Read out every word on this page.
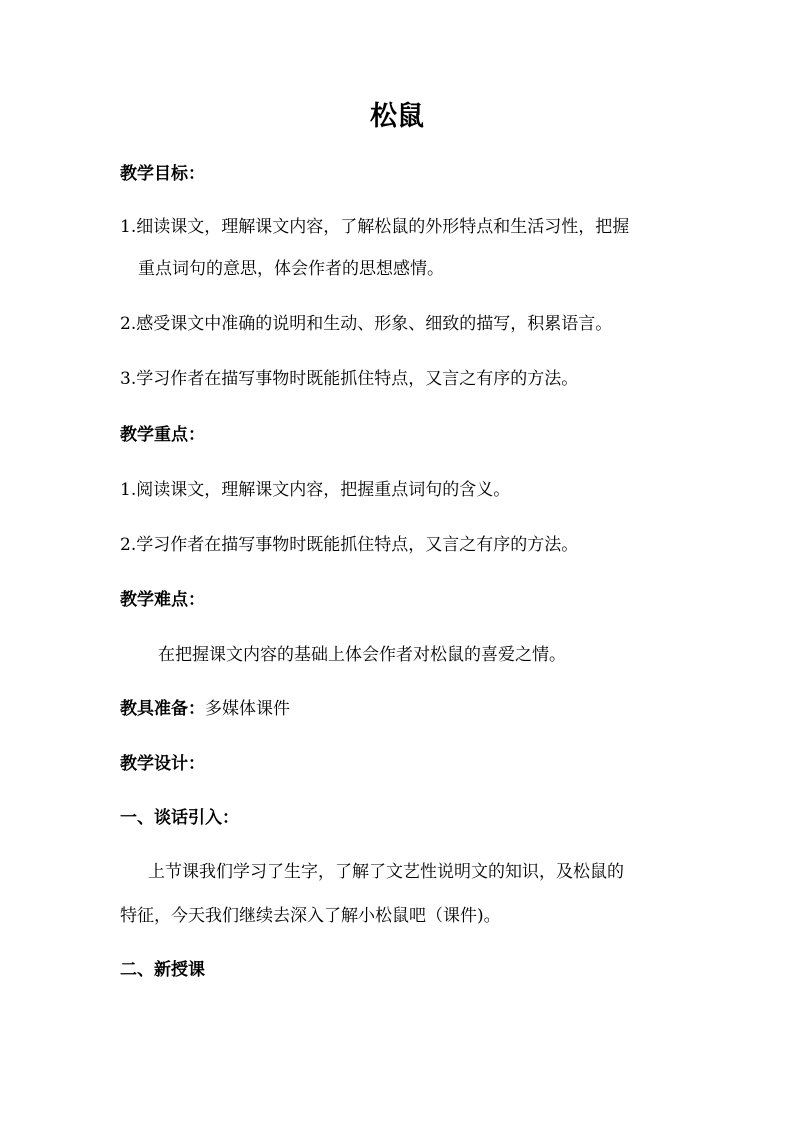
松鼠
教学目标：
1.细读课文，理解课文内容，了解松鼠的外形特点和生活习性，把握
重点词句的意思，体会作者的思想感情。
2.感受课文中准确的说明和生动、形象、细致的描写，积累语言。
3.学习作者在描写事物时既能抓住特点，又言之有序的方法。
教学重点：
1.阅读课文，理解课文内容，把握重点词句的含义。
2.学习作者在描写事物时既能抓住特点，又言之有序的方法。
教学难点：
在把握课文内容的基础上体会作者对松鼠的喜爱之情。
教具准备：多媒体课件
教学设计：
一、谈话引入：
上节课我们学习了生字，了解了文艺性说明文的知识，及松鼠的
特征，今天我们继续去深入了解小松鼠吧（课件)。
二、新授课
